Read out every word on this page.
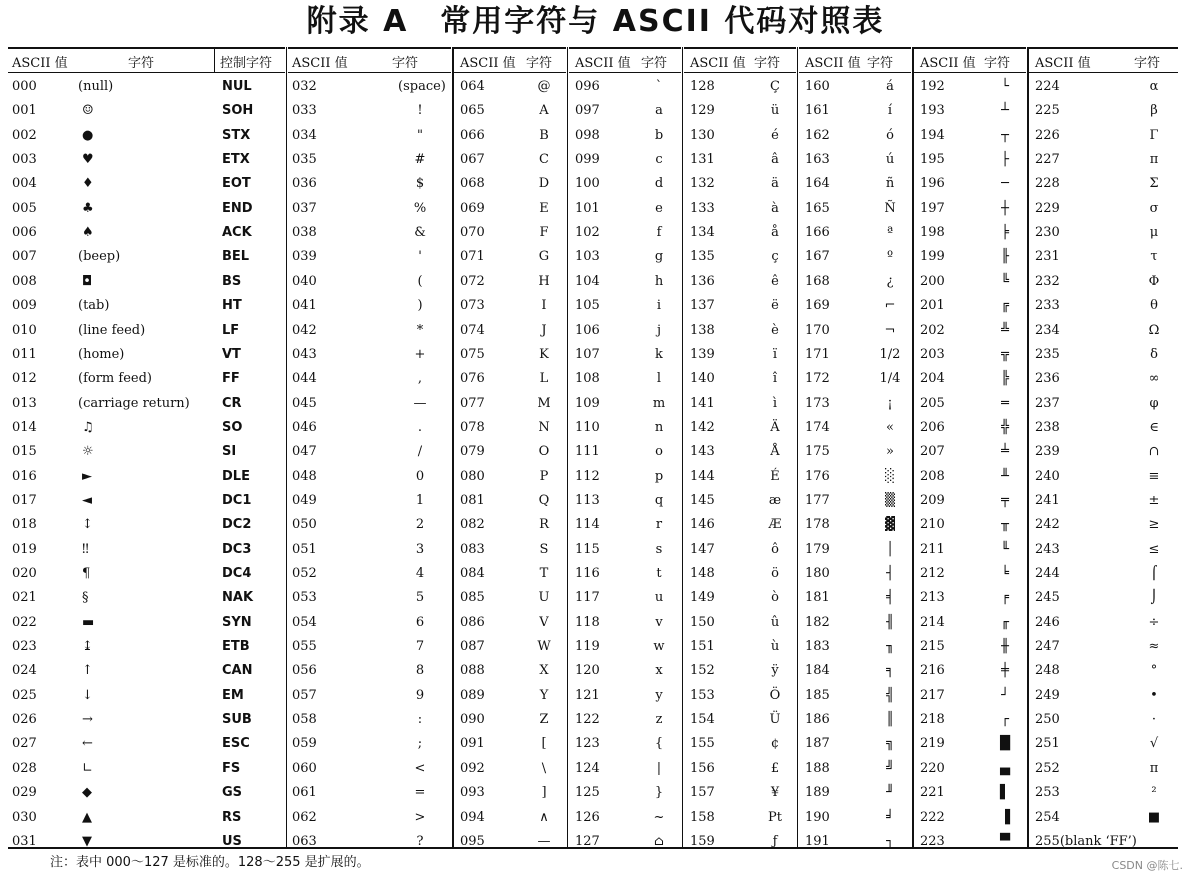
附录 A　常用字符与 ASCII 代码对照表
ASCII 值	字符	控制字符
000	(null)	NUL
001	☺	SOH
002	●	STX
003	♥	ETX
004	♦	EOT
005	♣	END
006	♠	ACK
007	(beep)	BEL
008	◘	BS
009	(tab)	HT
010	(line feed)	LF
011	(home)	VT
012	(form feed)	FF
013	(carriage return) CR
014	♫	SO
015	☼	SI
016	►	DLE
017	◄	DC1
018	↕	DC2
019	‼	DC3
020	¶	DC4
021	§	NAK
022	▬	SYN
023	↨	ETB
024	↑	CAN
025	↓	EM
026	→	SUB
027	←	ESC
028	∟	FS
029	◆	GS
030	▲	RS
031	▼	US
ASCII 值	字符
032	(space)
033	!
034	"
035	#
036	$
037	%
038	&
039	'
040	(
041	)
042	*
043	+
044	,
045	—
046	.
047	/
048	0
049	1
050	2
051	3
052	4
053	5
054	6
055	7
056	8
057	9
058	:
059	;
060	<
061	=
062	>
063	?
ASCII 值 字符
064	@
065	A
066	B
067	C
068	D
069	E
070	F
071	G
072	H
073	I
074	J
075	K
076	L
077	M
078	N
079	O
080	P
081	Q
082	R
083	S
084	T
085	U
086	V
087	W
088	X
089	Y
090	Z
091	[
092	\
093	]
094	∧
095	—
ASCII 值 字符
096	`
097	a
098	b
099	c
100	d
101	e
102	f
103	g
104	h
105	i
106	j
107	k
108	l
109	m
110	n
111	o
112	p
113	q
114	r
115	s
116	t
117	u
118	v
119	w
120	x
121	y
122	z
123	{
124	|
125	}
126	~
127	⌂
ASCII 值 字符
128	Ç
129	ü
130	é
131	â
132	ä
133	à
134	å
135	ç
136	ê
137	ë
138	è
139	ï
140	î
141	ì
142	Ä
143	Å
144	É
145	æ
146	Æ
147	ô
148	ö
149	ò
150	û
151	ù
152	ÿ
153	Ö
154	Ü
155	¢
156	£
157	¥
158	Pt
159	ƒ
ASCII 值 字符
160	á
161	í
162	ó
163	ú
164	ñ
165	Ñ
166	ª
167	º
168	¿
169	⌐
170	¬
171	1/2
172	1/4
173	¡
174	«
175	»
176	░
177	▒
178	▓
179	│
180	┤
181	╡
182	╢
183	╖
184	╕
185	╣
186	║
187	╗
188	╝
189	╜
190	╛
191	┐
ASCII 值 字符
192	└
193	┴
194	┬
195	├
196	─
197	┼
198	╞
199	╟
200	╚
201	╔
202	╩
203	╦
204	╠
205	═
206	╬
207	╧
208	╨
209	╤
210	╥
211	╙
212	╘
213	╒
214	╓
215	╫
216	╪
217	┘
218	┌
219	█
220	▄
221	▌
222	▐
223	▀
ASCII 值	字符
224	α
225	β
226	Γ
227	π
228	Σ
229	σ
230	μ
231	τ
232	Φ
233	θ
234	Ω
235	δ
236	∞
237	φ
238	∈
239	∩
240	≡
241	±
242	≥
243	≤
244	⌠
245	⌡
246	÷
247	≈
248	°
249	•
250	·
251	√
252	π
253	²
254	■
255(blank ‘FF’)
注：表中 000～127 是标准的。128～255 是扩展的。	CSDN @陈七.
